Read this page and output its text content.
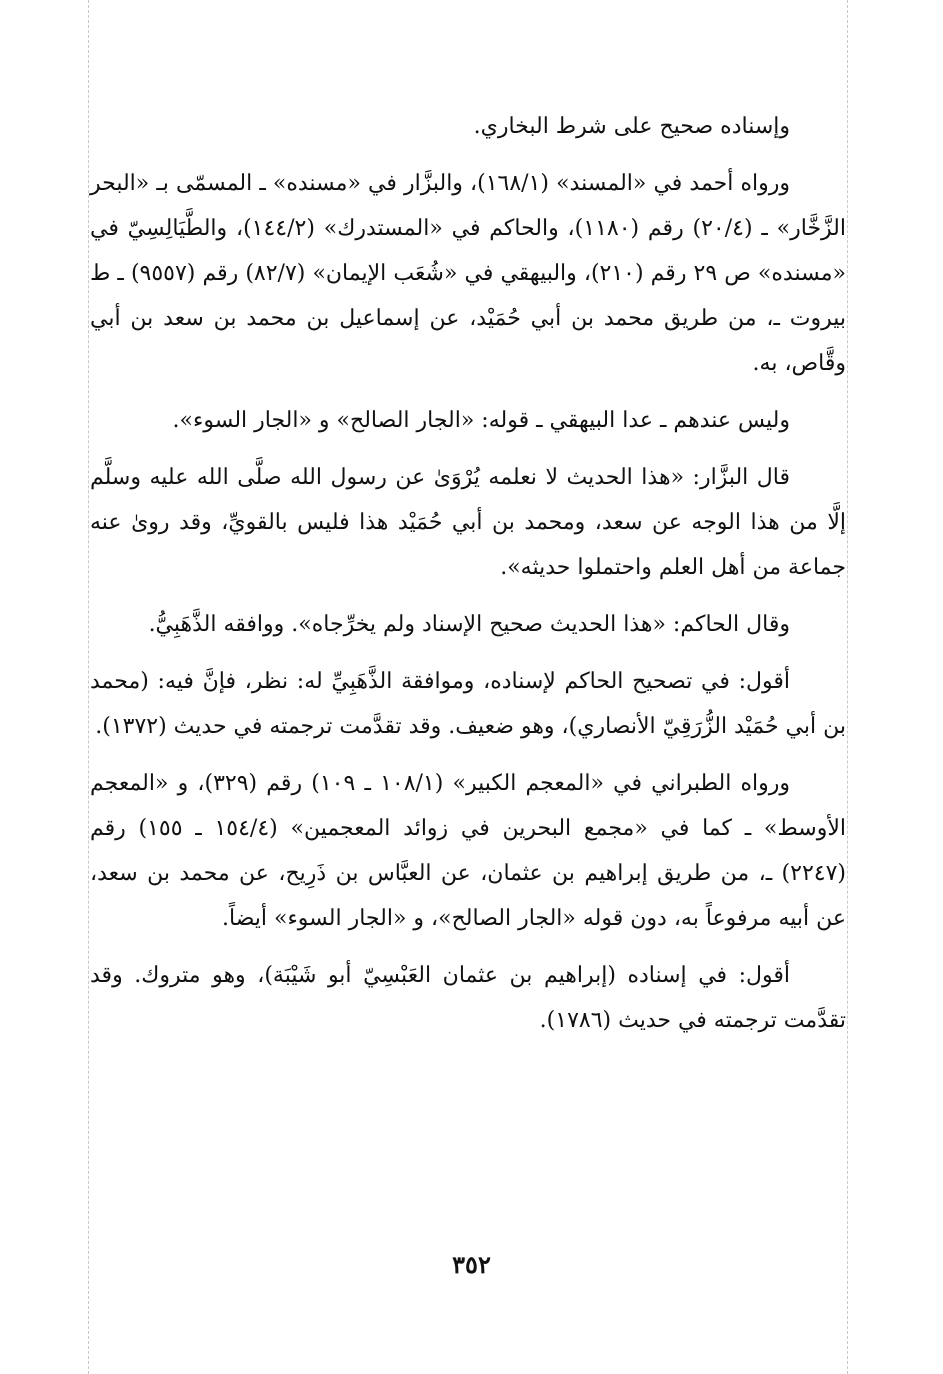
وإسناده صحيح على شرط البخاري.

ورواه أحمد في «المسند» (١٦٨/١)، والبزَّار في «مسنده» ـ المسمّى بـ «البحر الزَّخَّار» ـ (٢٠/٤) رقم (١١٨٠)، والحاكم في «المستدرك» (١٤٤/٢)، والطَّيَالِسِيّ في «مسنده» ص ٢٩ رقم (٢١٠)، والبيهقي في «شُعَب الإيمان» (٨٢/٧) رقم (٩٥٥٧) ـ ط بيروت ـ، من طريق محمد بن أبي حُمَيْد، عن إسماعيل بن محمد بن سعد بن أبي وقَّاص، به.

وليس عندهم ـ عدا البيهقي ـ قوله: «الجار الصالح» و «الجار السوء».

قال البزَّار: «هذا الحديث لا نعلمه يُرْوَىٰ عن رسول الله صلَّى الله عليه وسلَّم إلَّا من هذا الوجه عن سعد، ومحمد بن أبي حُمَيْد هذا فليس بالقويِّ، وقد روىٰ عنه جماعة من أهل العلم واحتملوا حديثه».

وقال الحاكم: «هذا الحديث صحيح الإسناد ولم يخرِّجاه». ووافقه الذَّهَبِيُّ.

أقول: في تصحيح الحاكم لإسناده، وموافقة الذَّهَبِيِّ له: نظر، فإنَّ فيه: (محمد بن أبي حُمَيْد الزُّرَقِيّ الأنصاري)، وهو ضعيف. وقد تقدَّمت ترجمته في حديث (١٣٧٢).

ورواه الطبراني في «المعجم الكبير» (١٠٨/١ ـ ١٠٩) رقم (٣٢٩)، و «المعجم الأوسط» ـ كما في «مجمع البحرين في زوائد المعجمين» (١٥٤/٤ ـ ١٥٥) رقم (٢٢٤٧) ـ، من طريق إبراهيم بن عثمان، عن العبَّاس بن ذَرِيح، عن محمد بن سعد، عن أبيه مرفوعاً به، دون قوله «الجار الصالح»، و «الجار السوء» أيضاً.

أقول: في إسناده (إبراهيم بن عثمان العَبْسِيّ أبو شَيْبَة)، وهو متروك. وقد تقدَّمت ترجمته في حديث (١٧٨٦).

٣٥٢
